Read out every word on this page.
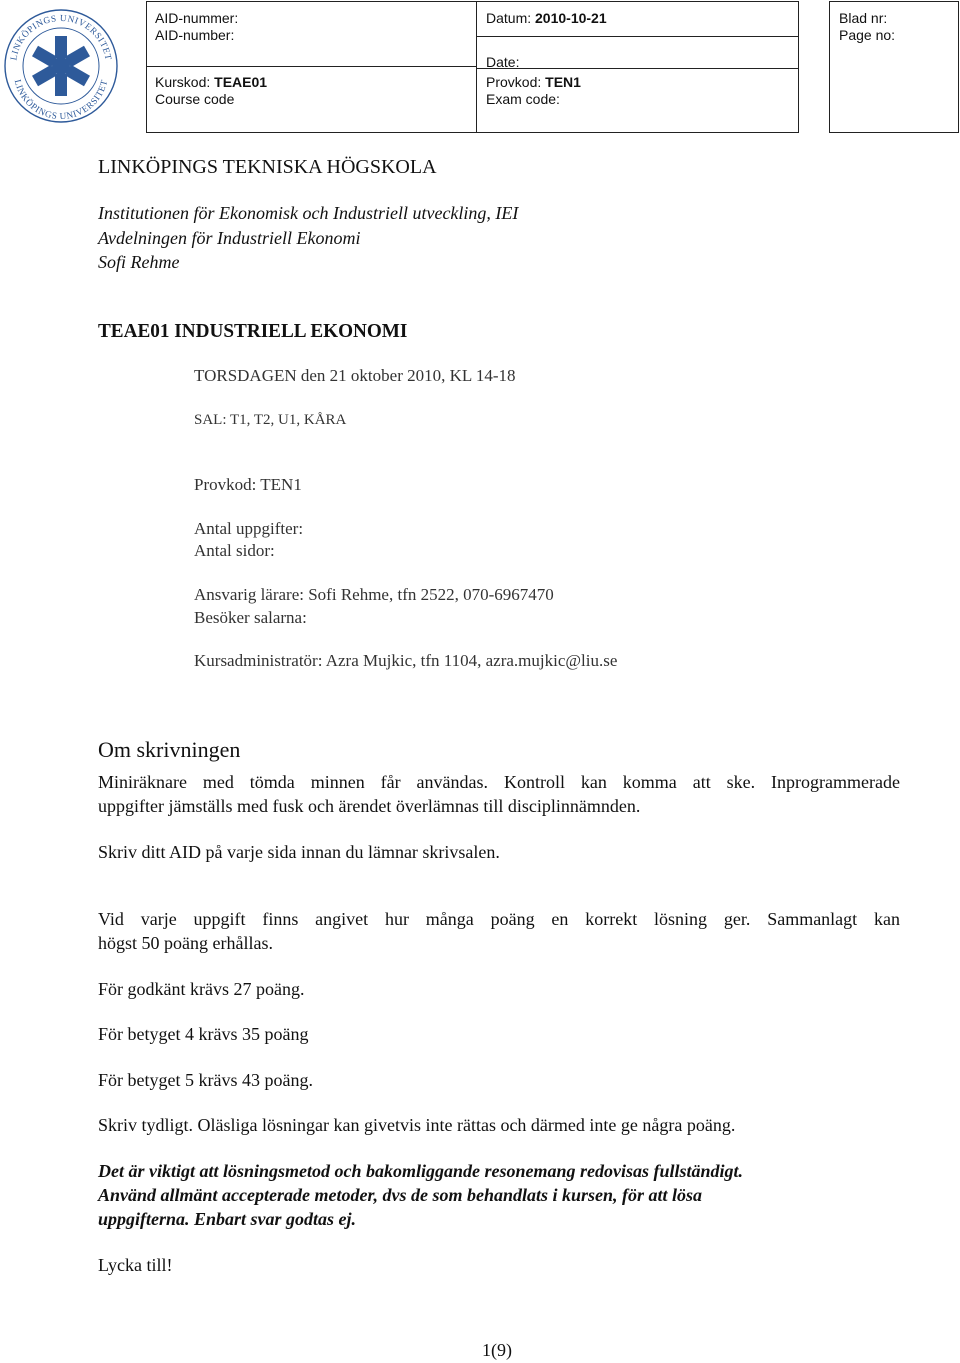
LINKÖPINGS UNIVERSITET
LINKÖPINGS UNIVERSITET
AID-nummer:
AID-number:
Kurskod: TEAE01
Course code
Datum: 2010-10-21
Date:
Provkod: TEN1
Exam code:
Blad nr:
Page no:
LINKÖPINGS TEKNISKA HÖGSKOLA
Institutionen för Ekonomisk och Industriell utveckling, IEI
Avdelningen för Industriell Ekonomi
Sofi Rehme
TEAE01 INDUSTRIELL EKONOMI
TORSDAGEN den 21 oktober 2010, KL 14-18
SAL: T1, T2, U1, KÅRA
Provkod: TEN1
Antal uppgifter:
Antal sidor:
Ansvarig lärare: Sofi Rehme, tfn 2522, 070-6967470
Besöker salarna:
Kursadministratör: Azra Mujkic, tfn 1104, azra.mujkic@liu.se
Om skrivningen
Miniräknare med tömda minnen får användas. Kontroll kan komma att ske. Inprogrammerade
uppgifter jämställs med fusk och ärendet överlämnas till disciplinnämnden.
Skriv ditt AID på varje sida innan du lämnar skrivsalen.
Vid varje uppgift finns angivet hur många poäng en korrekt lösning ger. Sammanlagt kan
högst 50 poäng erhållas.
För godkänt krävs 27 poäng.
För betyget 4 krävs 35 poäng
För betyget 5 krävs 43 poäng.
Skriv tydligt. Oläsliga lösningar kan givetvis inte rättas och därmed inte ge några poäng.
Det är viktigt att lösningsmetod och bakomliggande resonemang redovisas fullständigt.
Använd allmänt accepterade metoder, dvs de som behandlats i kursen, för att lösa
uppgifterna. Enbart svar godtas ej.
Lycka till!
1(9)
